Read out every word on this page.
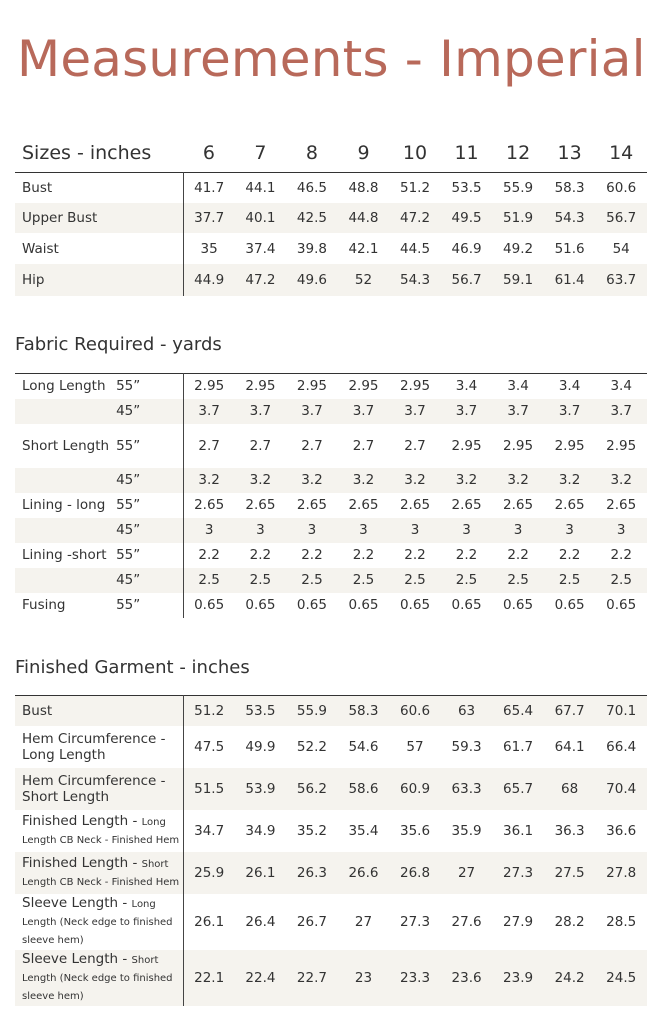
Measurements - Imperial
Sizes - inches	6	7	8	9	10	11	12	13	14
Bust	41.7	44.1	46.5	48.8	51.2	53.5	55.9	58.3	60.6
Upper Bust	37.7	40.1	42.5	44.8	47.2	49.5	51.9	54.3	56.7
Waist	35	37.4	39.8	42.1	44.5	46.9	49.2	51.6	54
Hip	44.9	47.2	49.6	52	54.3	56.7	59.1	61.4	63.7
Fabric Required - yards
Long Length	55”	2.95	2.95	2.95	2.95	2.95	3.4	3.4	3.4	3.4
	45”	3.7	3.7	3.7	3.7	3.7	3.7	3.7	3.7	3.7
Short Length	55”	2.7	2.7	2.7	2.7	2.7	2.95	2.95	2.95	2.95
	45”	3.2	3.2	3.2	3.2	3.2	3.2	3.2	3.2	3.2
Lining - long	55”	2.65	2.65	2.65	2.65	2.65	2.65	2.65	2.65	2.65
	45”	3	3	3	3	3	3	3	3	3
Lining -short	55”	2.2	2.2	2.2	2.2	2.2	2.2	2.2	2.2	2.2
	45”	2.5	2.5	2.5	2.5	2.5	2.5	2.5	2.5	2.5
Fusing	55”	0.65	0.65	0.65	0.65	0.65	0.65	0.65	0.65	0.65
Finished Garment - inches
Bust	51.2	53.5	55.9	58.3	60.6	63	65.4	67.7	70.1
Hem Circumference - Long Length	47.5	49.9	52.2	54.6	57	59.3	61.7	64.1	66.4
Hem Circumference - Short Length	51.5	53.9	56.2	58.6	60.9	63.3	65.7	68	70.4
Finished Length - Long Length CB Neck - Finished Hem	34.7	34.9	35.2	35.4	35.6	35.9	36.1	36.3	36.6
Finished Length - Short Length CB Neck - Finished Hem	25.9	26.1	26.3	26.6	26.8	27	27.3	27.5	27.8
Sleeve Length - Long Length (Neck edge to finished sleeve hem)	26.1	26.4	26.7	27	27.3	27.6	27.9	28.2	28.5
Sleeve Length - Short Length (Neck edge to finished sleeve hem)	22.1	22.4	22.7	23	23.3	23.6	23.9	24.2	24.5
